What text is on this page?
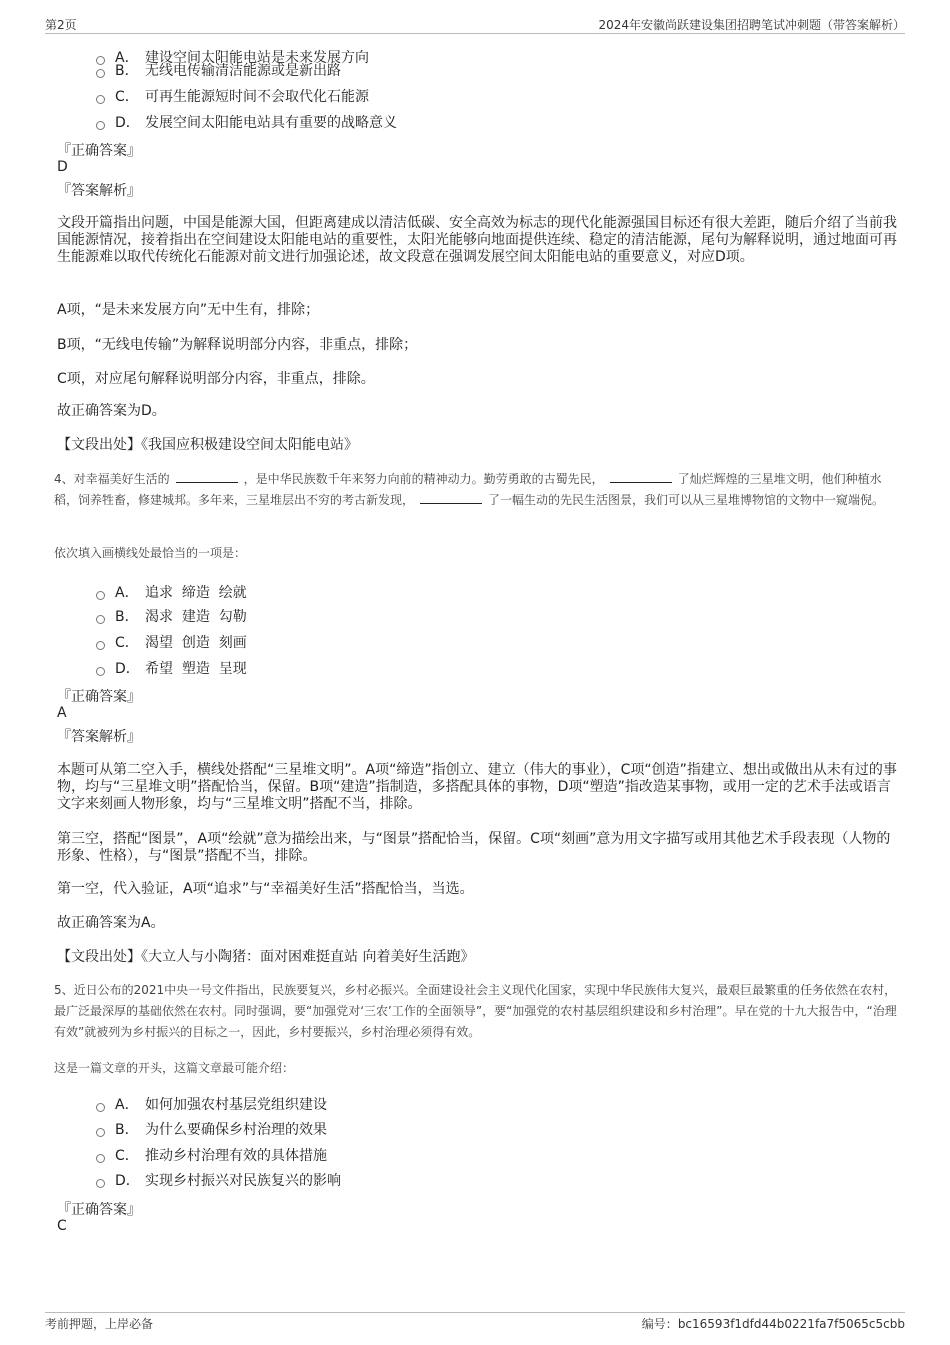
第2页	2024年安徽尚跃建设集团招聘笔试冲刺题（带答案解析）
A． 建设空间太阳能电站是未来发展方向
B． 无线电传输清洁能源或是新出路
C． 可再生能源短时间不会取代化石能源
D． 发展空间太阳能电站具有重要的战略意义
『正确答案』
D
『答案解析』

文段开篇指出问题，中国是能源大国，但距离建成以清洁低碳、安全高效为标志的现代化能源强国目标还有很大差距，随后介绍了当前我国能源情况，接着指出在空间建设太阳能电站的重要性，太阳光能够向地面提供连续、稳定的清洁能源，尾句为解释说明，通过地面可再生能源难以取代传统化石能源对前文进行加强论述，故文段意在强调发展空间太阳能电站的重要意义，对应D项。

A项，“是未来发展方向”无中生有，排除；

B项，“无线电传输”为解释说明部分内容，非重点，排除；

C项，对应尾句解释说明部分内容，非重点，排除。

故正确答案为D。

【文段出处】《我国应积极建设空间太阳能电站》

4、对幸福美好生活的	，是中华民族数千年来努力向前的精神动力。勤劳勇敢的古蜀先民，	了灿烂辉煌的三星堆文明，他们种植水稻，饲养牲畜，修建城邦。多年来，三星堆层出不穷的考古新发现，	了一幅生动的先民生活图景，我们可以从三星堆博物馆的文物中一窥端倪。

依次填入画横线处最恰当的一项是：
A． 追求  缔造  绘就
B． 渴求  建造  勾勒
C． 渴望  创造  刻画
D． 希望  塑造  呈现
『正确答案』
A
『答案解析』

本题可从第二空入手，横线处搭配“三星堆文明”。A项“缔造”指创立、建立（伟大的事业），C项“创造”指建立、想出或做出从未有过的事物，均与“三星堆文明”搭配恰当，保留。B项“建造”指制造，多搭配具体的事物，D项“塑造”指改造某事物，或用一定的艺术手法或语言文字来刻画人物形象，均与“三星堆文明”搭配不当，排除。

第三空，搭配“图景”，A项“绘就”意为描绘出来，与“图景”搭配恰当，保留。C项“刻画”意为用文字描写或用其他艺术手段表现（人物的形象、性格），与“图景”搭配不当，排除。

第一空，代入验证，A项“追求”与“幸福美好生活”搭配恰当，当选。

故正确答案为A。

【文段出处】《大立人与小陶猪：面对困难挺直站 向着美好生活跑》

5、近日公布的2021中央一号文件指出，民族要复兴，乡村必振兴。全面建设社会主义现代化国家，实现中华民族伟大复兴，最艰巨最繁重的任务依然在农村，最广泛最深厚的基础依然在农村。同时强调，要“加强党对‘三农’工作的全面领导”，要“加强党的农村基层组织建设和乡村治理”。早在党的十九大报告中，“治理有效”就被列为乡村振兴的目标之一，因此，乡村要振兴，乡村治理必须得有效。

这是一篇文章的开头，这篇文章最可能介绍：
A． 如何加强农村基层党组织建设
B． 为什么要确保乡村治理的效果
C． 推动乡村治理有效的具体措施
D． 实现乡村振兴对民族复兴的影响
『正确答案』
C
考前押题，上岸必备	编号：bc16593f1dfd44b0221fa7f5065c5cbb
